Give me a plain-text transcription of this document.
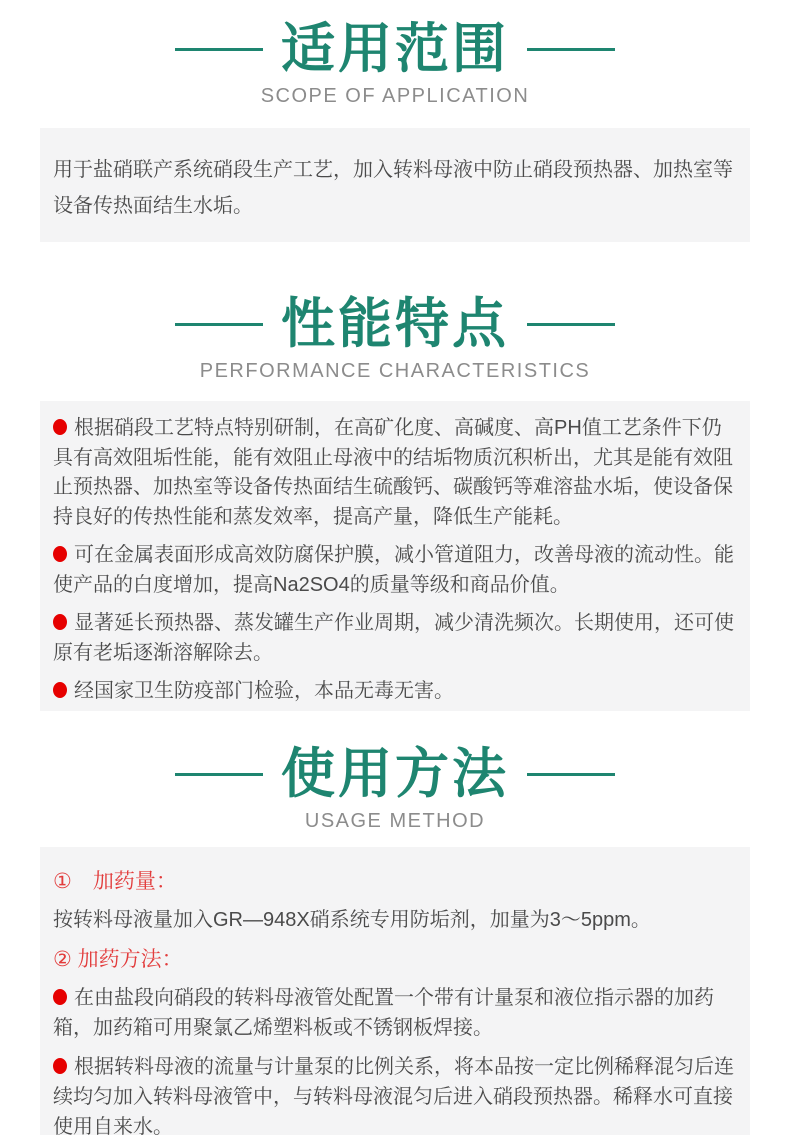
适用范围
SCOPE OF APPLICATION
用于盐硝联产系统硝段生产工艺，加入转料母液中防止硝段预热器、加热室等设备传热面结生水垢。
性能特点
PERFORMANCE CHARACTERISTICS

根据硝段工艺特点特别研制，在高矿化度、高碱度、高PH值工艺条件下仍具有高效阻垢性能，能有效阻止母液中的结垢物质沉积析出，尤其是能有效阻止预热器、加热室等设备传热面结生硫酸钙、碳酸钙等难溶盐水垢，使设备保持良好的传热性能和蒸发效率，提高产量，降低生产能耗。

可在金属表面形成高效防腐保护膜，减小管道阻力，改善母液的流动性。能使产品的白度增加，提高Na2SO4的质量等级和商品价值。

显著延长预热器、蒸发罐生产作业周期，减少清洗频次。长期使用，还可使原有老垢逐渐溶解除去。

经国家卫生防疫部门检验，本品无毒无害。

使用方法
USAGE METHOD

①　加药量：

按转料母液量加入GR—948X硝系统专用防垢剂，加量为3～5ppm。

② 加药方法：

在由盐段向硝段的转料母液管处配置一个带有计量泵和液位指示器的加药箱，加药箱可用聚氯乙烯塑料板或不锈钢板焊接。

根据转料母液的流量与计量泵的比例关系，将本品按一定比例稀释混匀后连续均匀加入转料母液管中，与转料母液混匀后进入硝段预热器。稀释水可直接使用自来水。
